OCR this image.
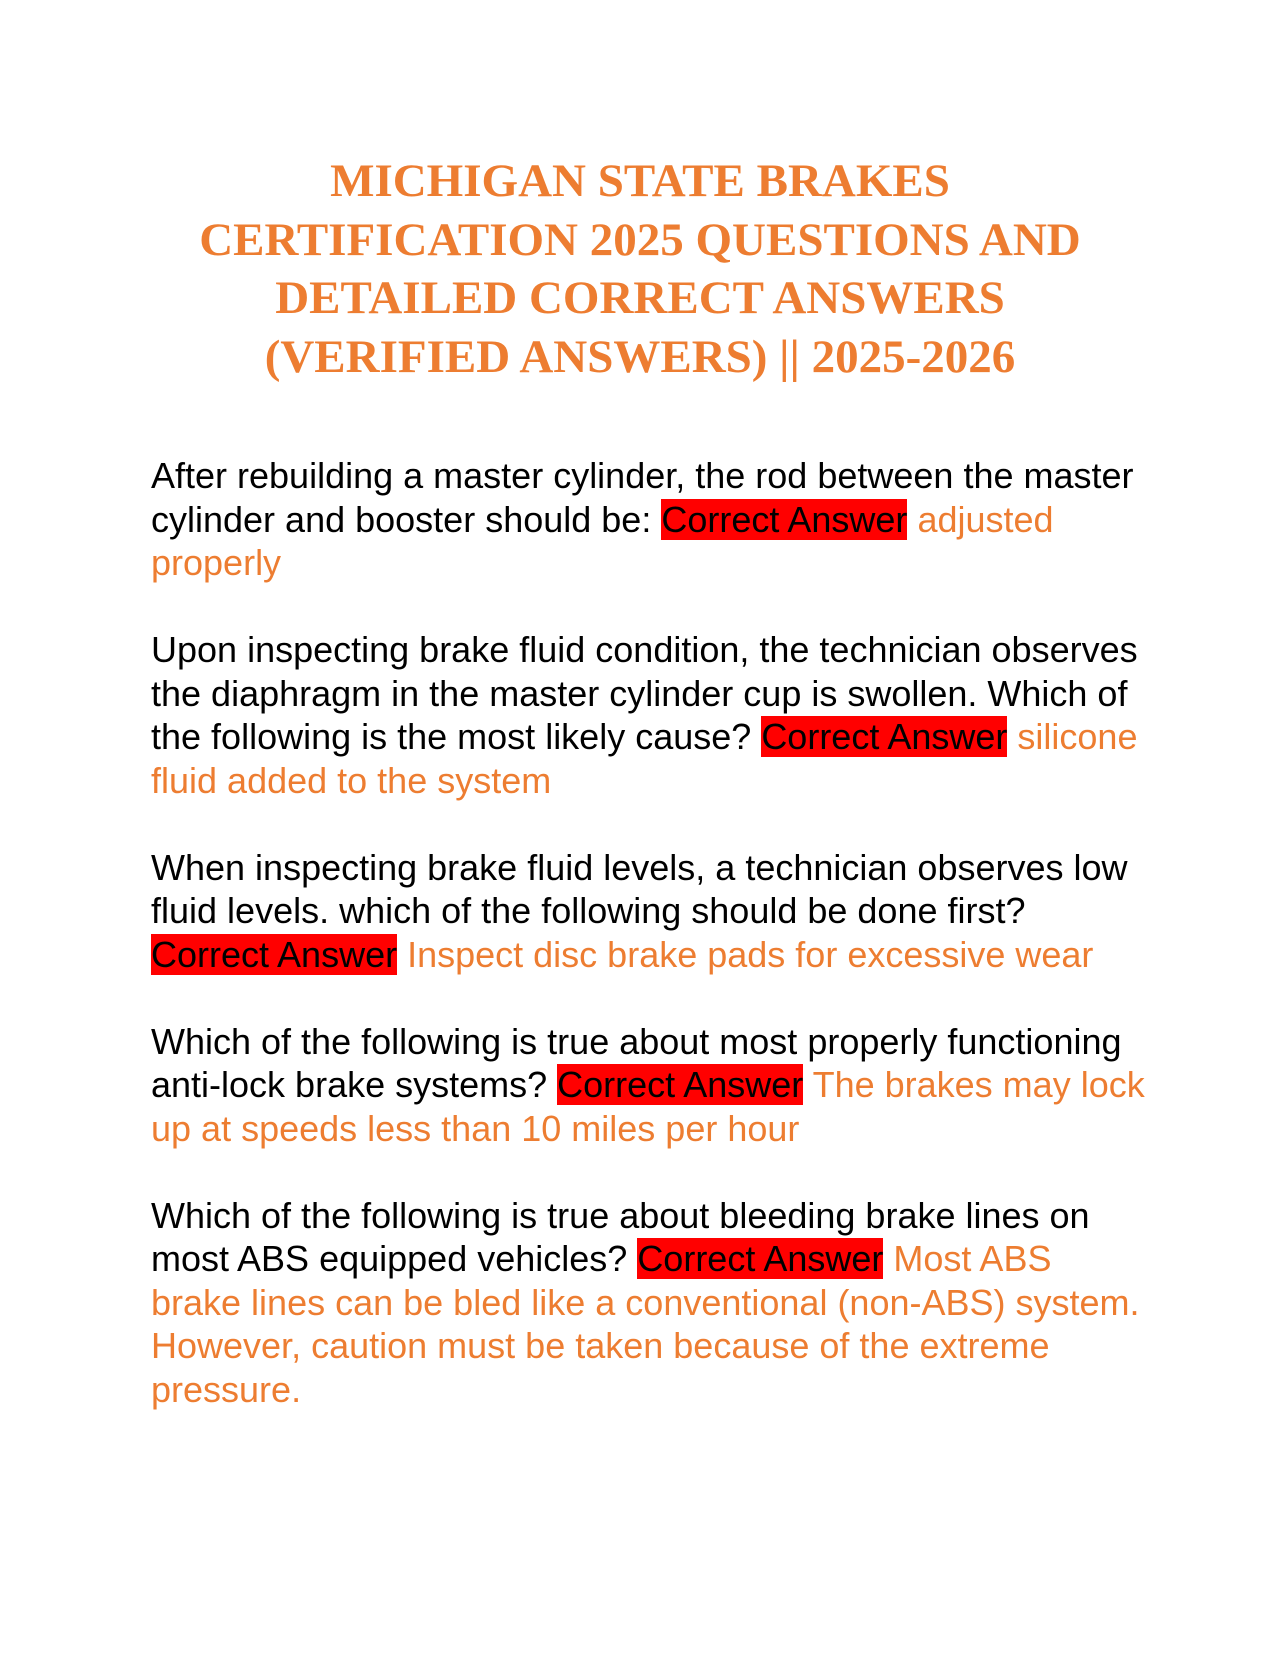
MICHIGAN STATE BRAKES CERTIFICATION 2025 QUESTIONS AND DETAILED CORRECT ANSWERS (VERIFIED ANSWERS) || 2025-2026

After rebuilding a master cylinder, the rod between the master cylinder and booster should be: Correct Answer adjusted properly

Upon inspecting brake fluid condition, the technician observes the diaphragm in the master cylinder cup is swollen. Which of the following is the most likely cause? Correct Answer silicone fluid added to the system

When inspecting brake fluid levels, a technician observes low fluid levels. which of the following should be done first? Correct Answer Inspect disc brake pads for excessive wear

Which of the following is true about most properly functioning anti-lock brake systems? Correct Answer The brakes may lock up at speeds less than 10 miles per hour

Which of the following is true about bleeding brake lines on most ABS equipped vehicles? Correct Answer Most ABS brake lines can be bled like a conventional (non-ABS) system. However, caution must be taken because of the extreme pressure.
